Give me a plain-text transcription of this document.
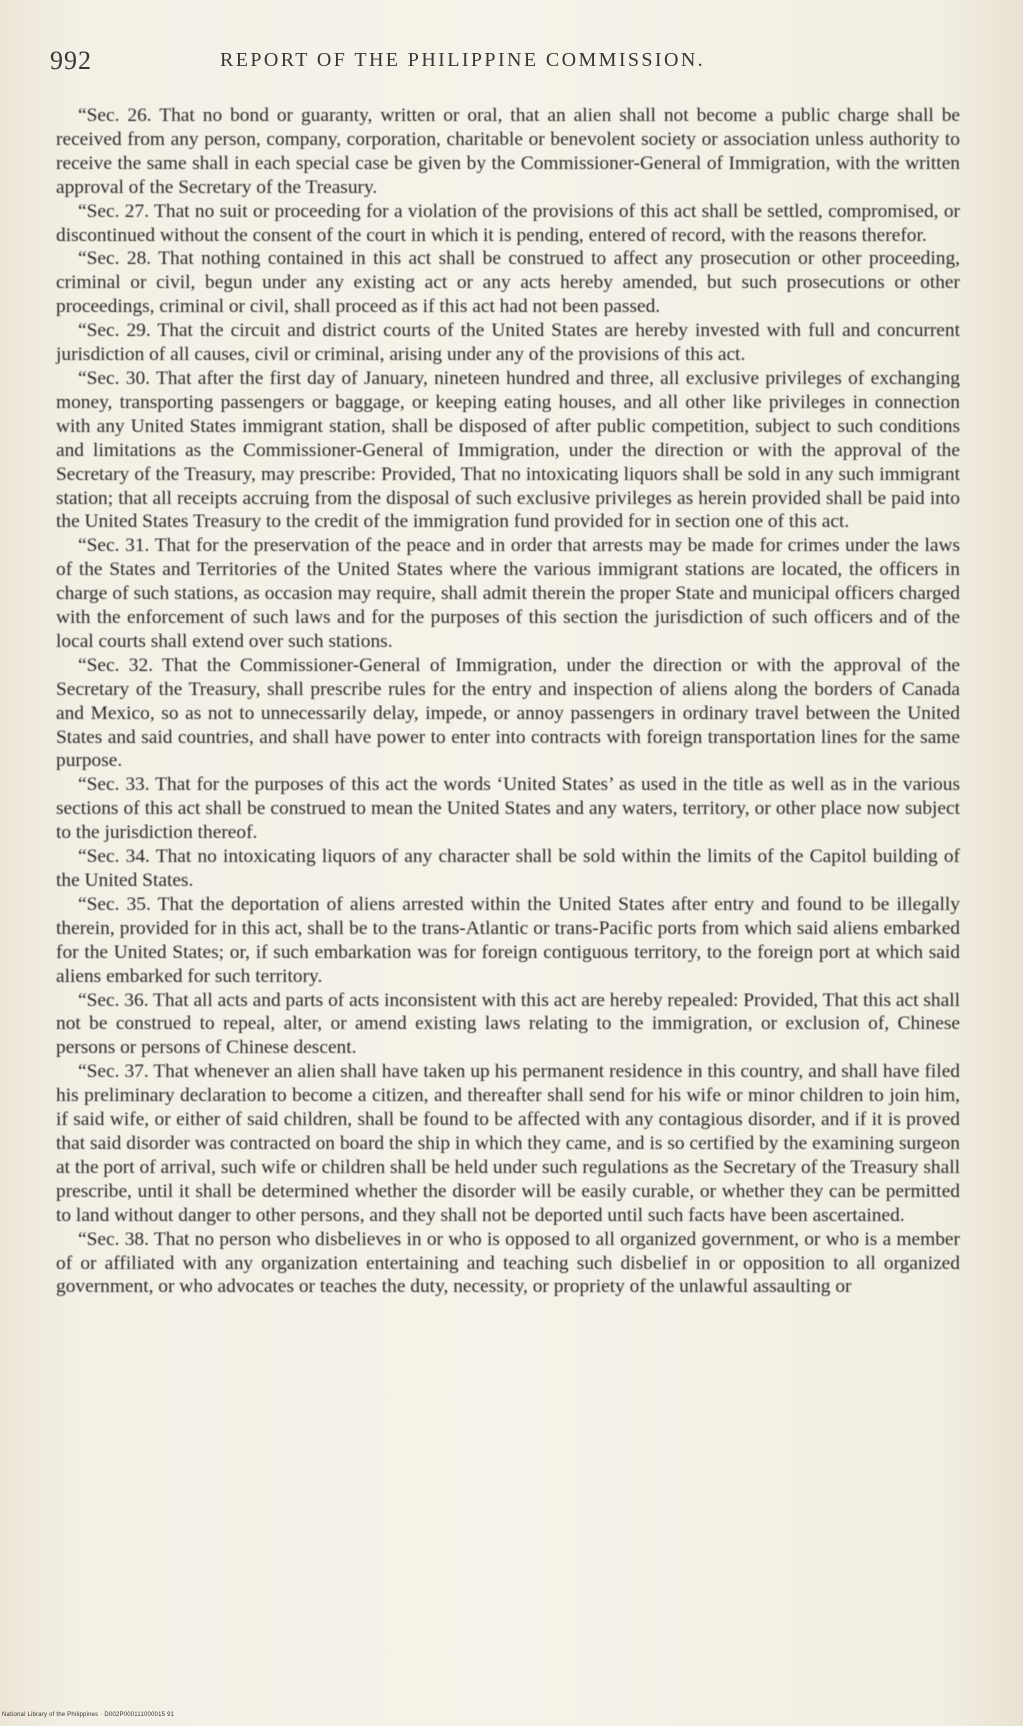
992	REPORT OF THE PHILIPPINE COMMISSION.

“Sec. 26. That no bond or guaranty, written or oral, that an alien shall not become a public charge shall be received from any person, company, corporation, charitable or benevolent society or association unless authority to receive the same shall in each special case be given by the Commissioner-General of Immigration, with the written approval of the Secretary of the Treasury.

“Sec. 27. That no suit or proceeding for a violation of the provisions of this act shall be settled, compromised, or discontinued without the consent of the court in which it is pending, entered of record, with the reasons therefor.

“Sec. 28. That nothing contained in this act shall be construed to affect any prosecution or other proceeding, criminal or civil, begun under any existing act or any acts hereby amended, but such prosecutions or other proceedings, criminal or civil, shall proceed as if this act had not been passed.

“Sec. 29. That the circuit and district courts of the United States are hereby invested with full and concurrent jurisdiction of all causes, civil or criminal, arising under any of the provisions of this act.

“Sec. 30. That after the first day of January, nineteen hundred and three, all exclusive privileges of exchanging money, transporting passengers or baggage, or keeping eating houses, and all other like privileges in connection with any United States immigrant station, shall be disposed of after public competition, subject to such conditions and limitations as the Commissioner-General of Immigration, under the direction or with the approval of the Secretary of the Treasury, may prescribe: Provided, That no intoxicating liquors shall be sold in any such immigrant station; that all receipts accruing from the disposal of such exclusive privileges as herein provided shall be paid into the United States Treasury to the credit of the immigration fund provided for in section one of this act.

“Sec. 31. That for the preservation of the peace and in order that arrests may be made for crimes under the laws of the States and Territories of the United States where the various immigrant stations are located, the officers in charge of such stations, as occasion may require, shall admit therein the proper State and municipal officers charged with the enforcement of such laws and for the purposes of this section the jurisdiction of such officers and of the local courts shall extend over such stations.

“Sec. 32. That the Commissioner-General of Immigration, under the direction or with the approval of the Secretary of the Treasury, shall prescribe rules for the entry and inspection of aliens along the borders of Canada and Mexico, so as not to unnecessarily delay, impede, or annoy passengers in ordinary travel between the United States and said countries, and shall have power to enter into contracts with foreign transportation lines for the same purpose.

“Sec. 33. That for the purposes of this act the words ‘United States’ as used in the title as well as in the various sections of this act shall be construed to mean the United States and any waters, territory, or other place now subject to the jurisdiction thereof.

“Sec. 34. That no intoxicating liquors of any character shall be sold within the limits of the Capitol building of the United States.

“Sec. 35. That the deportation of aliens arrested within the United States after entry and found to be illegally therein, provided for in this act, shall be to the trans-Atlantic or trans-Pacific ports from which said aliens embarked for the United States; or, if such embarkation was for foreign contiguous territory, to the foreign port at which said aliens embarked for such territory.

“Sec. 36. That all acts and parts of acts inconsistent with this act are hereby repealed: Provided, That this act shall not be construed to repeal, alter, or amend existing laws relating to the immigration, or exclusion of, Chinese persons or persons of Chinese descent.

“Sec. 37. That whenever an alien shall have taken up his permanent residence in this country, and shall have filed his preliminary declaration to become a citizen, and thereafter shall send for his wife or minor children to join him, if said wife, or either of said children, shall be found to be affected with any contagious disorder, and if it is proved that said disorder was contracted on board the ship in which they came, and is so certified by the examining surgeon at the port of arrival, such wife or children shall be held under such regulations as the Secretary of the Treasury shall prescribe, until it shall be determined whether the disorder will be easily curable, or whether they can be permitted to land without danger to other persons, and they shall not be deported until such facts have been ascertained.

“Sec. 38. That no person who disbelieves in or who is opposed to all organized government, or who is a member of or affiliated with any organization entertaining and teaching such disbelief in or opposition to all organized government, or who advocates or teaches the duty, necessity, or propriety of the unlawful assaulting or

National Library of the Philippines · D002P000111000015 91
